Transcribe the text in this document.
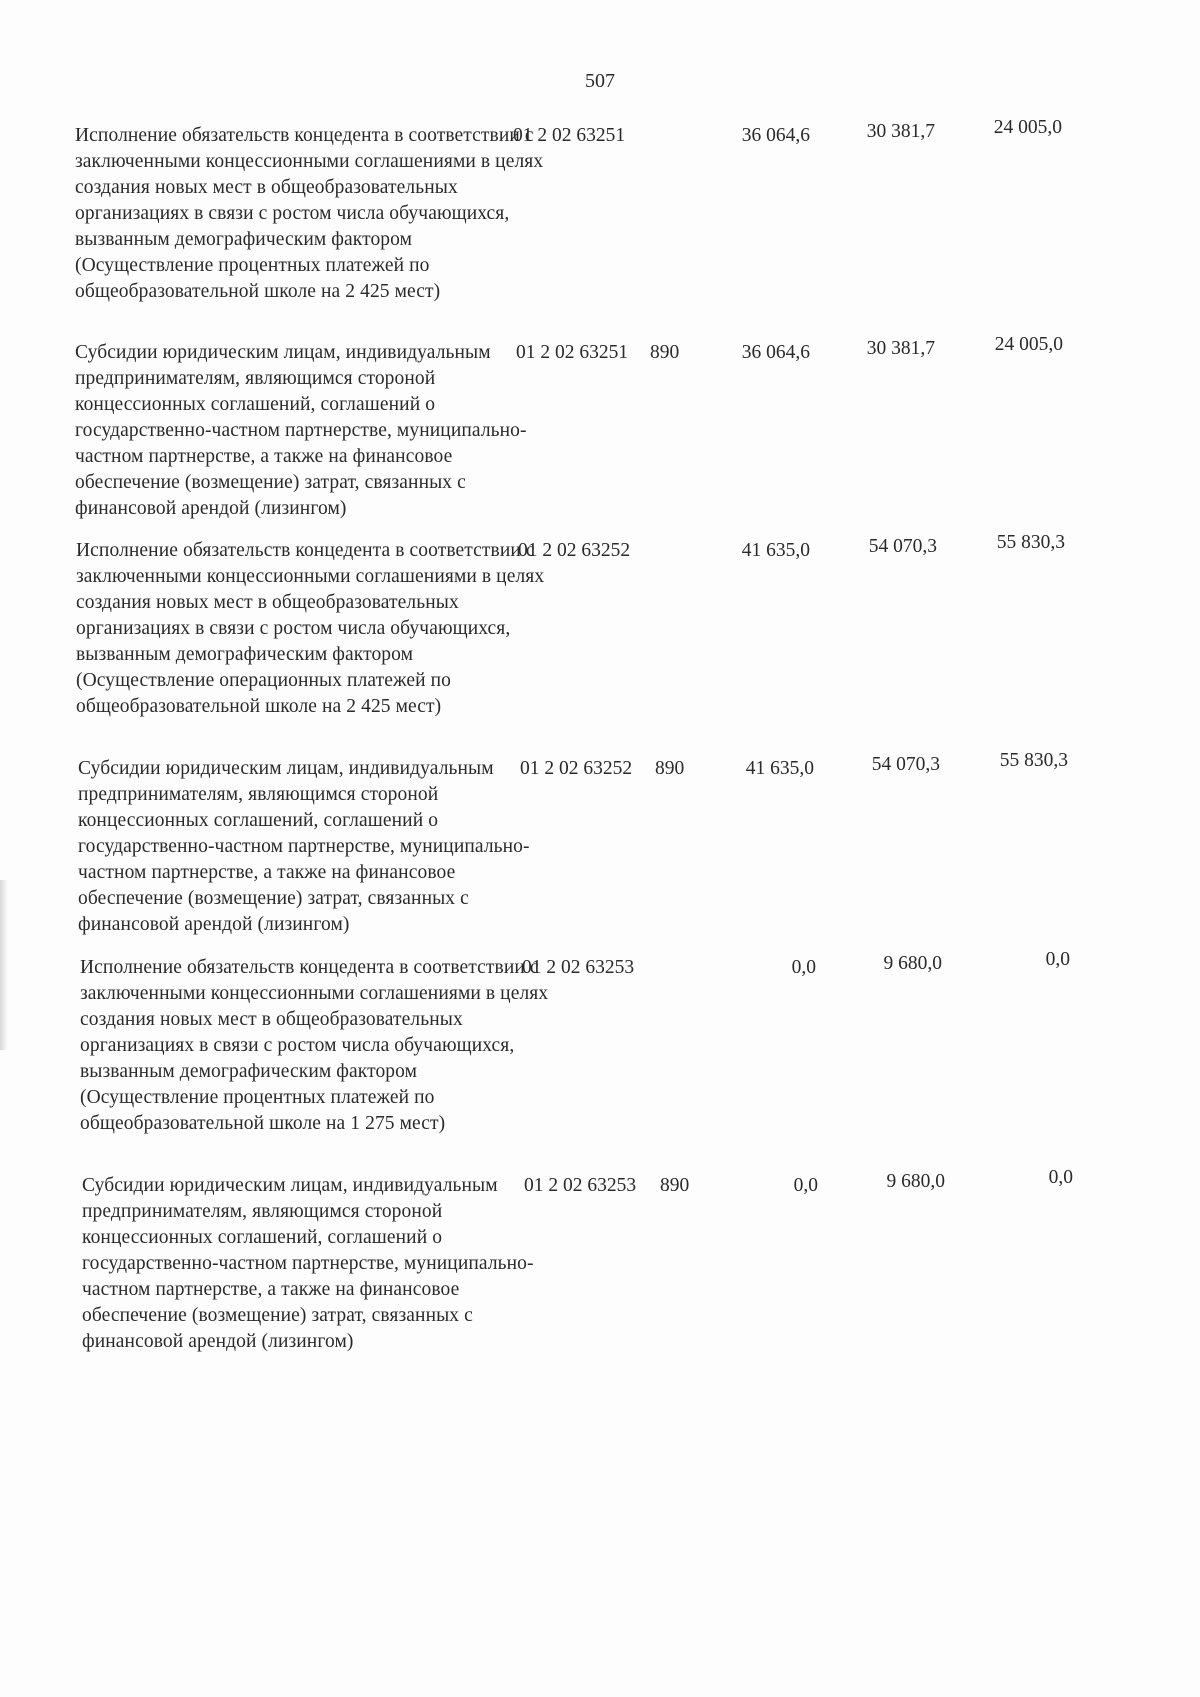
507
Исполнение обязательств концедента в соответствии с заключенными концессионными соглашениями в целях создания новых мест в общеобразовательных организациях в связи с ростом числа обучающихся, вызванным демографическим фактором (Осуществление процентных платежей по общеобразовательной школе на 2 425 мест)
01 2 02 63251	36 064,6	30 381,7	24 005,0
Субсидии юридическим лицам, индивидуальным предпринимателям, являющимся стороной концессионных соглашений, соглашений о государственно-частном партнерстве, муниципально-частном партнерстве, а также на финансовое обеспечение (возмещение) затрат, связанных с финансовой арендой (лизингом)
01 2 02 63251 890	36 064,6	30 381,7	24 005,0
Исполнение обязательств концедента в соответствии с заключенными концессионными соглашениями в целях создания новых мест в общеобразовательных организациях в связи с ростом числа обучающихся, вызванным демографическим фактором (Осуществление операционных платежей по общеобразовательной школе на 2 425 мест)
01 2 02 63252	41 635,0	54 070,3	55 830,3
Субсидии юридическим лицам, индивидуальным предпринимателям, являющимся стороной концессионных соглашений, соглашений о государственно-частном партнерстве, муниципально-частном партнерстве, а также на финансовое обеспечение (возмещение) затрат, связанных с финансовой арендой (лизингом)
01 2 02 63252 890	41 635,0	54 070,3	55 830,3
Исполнение обязательств концедента в соответствии с заключенными концессионными соглашениями в целях создания новых мест в общеобразовательных организациях в связи с ростом числа обучающихся, вызванным демографическим фактором (Осуществление процентных платежей по общеобразовательной школе на 1 275 мест)
01 2 02 63253	0,0	9 680,0	0,0
Субсидии юридическим лицам, индивидуальным предпринимателям, являющимся стороной концессионных соглашений, соглашений о государственно-частном партнерстве, муниципально-частном партнерстве, а также на финансовое обеспечение (возмещение) затрат, связанных с финансовой арендой (лизингом)
01 2 02 63253 890	0,0	9 680,0	0,0
